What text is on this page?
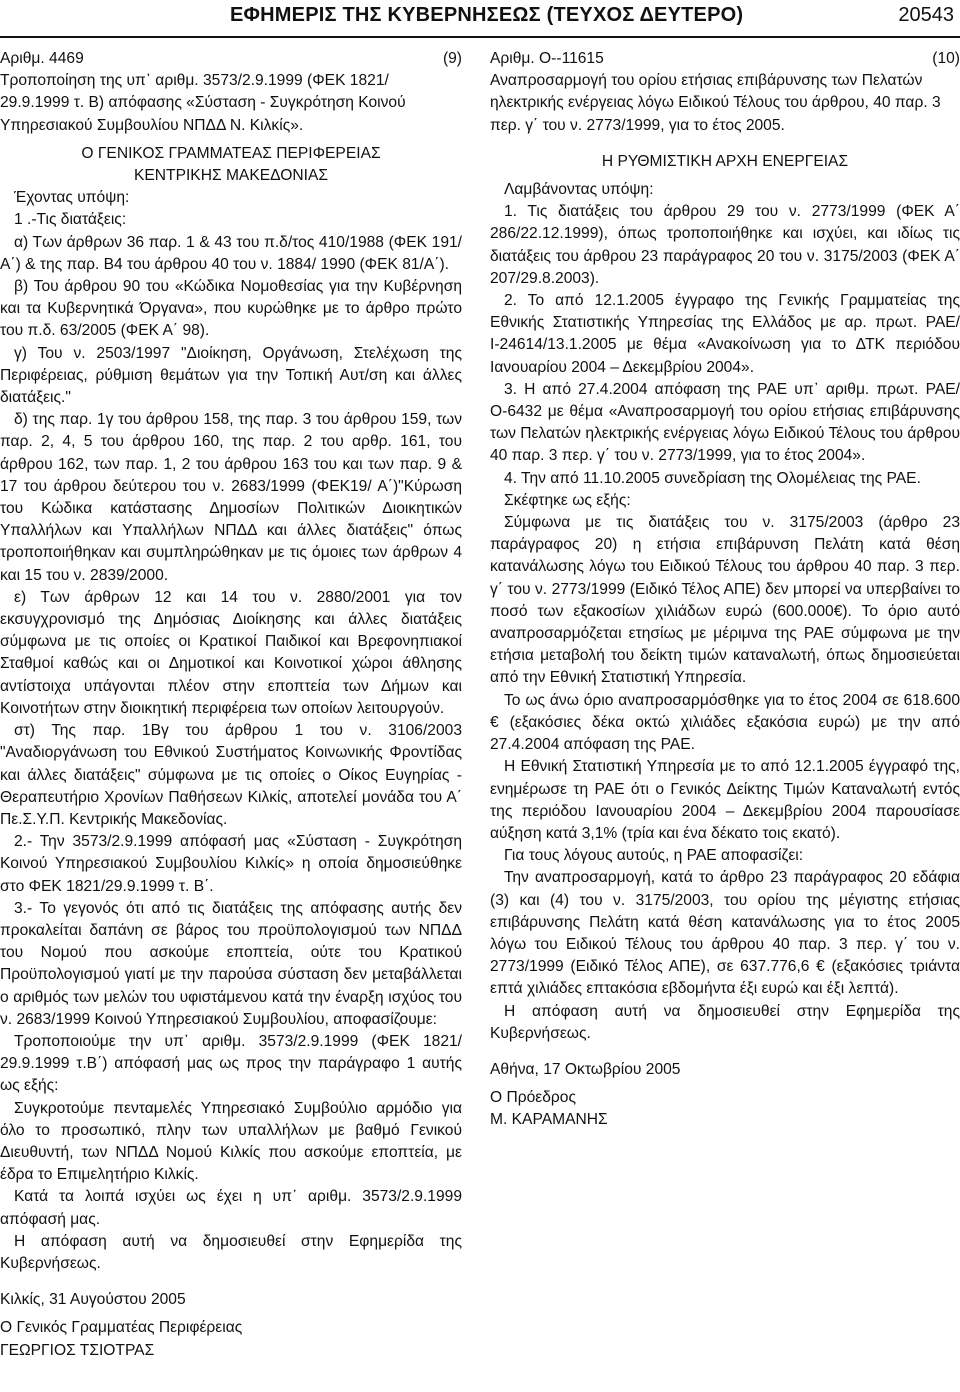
ΕΦΗΜΕΡΙΣ ΤΗΣ ΚΥΒΕΡΝΗΣΕΩΣ (ΤΕΥΧΟΣ ΔΕΥΤΕΡΟ)	20543
Αριθμ. 4469	(9)

Τροποποίηση της υπ᾽ αριθμ. 3573/2.9.1999 (ΦΕΚ 1821/ 29.9.1999 τ. Β) απόφασης «Σύσταση - Συγκρότηση Κοινού Υπηρεσιακού Συμβουλίου ΝΠΔΔ Ν. Κιλκίς».

Ο ΓΕΝΙΚΟΣ ΓΡΑΜΜΑΤΕΑΣ ΠΕΡΙΦΕΡΕΙΑΣ

ΚΕΝΤΡΙΚΗΣ ΜΑΚΕΔΟΝΙΑΣ

Έχοντας υπόψη:

1 .-Τις διατάξεις:

α) Των άρθρων 36 παρ. 1 & 43 του π.δ/τος 410/1988 (ΦΕΚ 191/Α΄) & της παρ. Β4 του άρθρου 40 του ν. 1884/ 1990 (ΦΕΚ 81/Α΄).

β) Του άρθρου 90 του «Κώδικα Νομοθεσίας για την Κυβέρνηση και τα Κυβερνητικά Όργανα», που κυρώθηκε με το άρθρο πρώτο του π.δ. 63/2005 (ΦΕΚ Α΄ 98).

γ) Του ν. 2503/1997 "Διοίκηση, Οργάνωση, Στελέχωση της Περιφέρειας, ρύθμιση θεμάτων για την Τοπική Αυτ/ση και άλλες διατάξεις."

δ) της παρ. 1γ του άρθρου 158, της παρ. 3 του άρθρου 159, των παρ. 2, 4, 5 του άρθρου 160, της παρ. 2 του αρθρ. 161, του άρθρου 162, των παρ. 1, 2 του άρθρου 163 του και των παρ. 9 & 17 του άρθρου δεύτερου του ν. 2683/1999 (ΦΕΚ19/ Α΄)"Κύρωση του Κώδικα κατάστασης Δημοσίων Πολιτικών Διοικητικών Υπαλλήλων και Υπαλλήλων ΝΠΔΔ και άλλες διατάξεις" όπως τροποποιήθηκαν και συμπληρώθηκαν με τις όμοιες των άρθρων 4 και 15 του ν. 2839/2000.

ε) Των άρθρων 12 και 14 του ν. 2880/2001 για τον εκσυγχρονισμό της Δημόσιας Διοίκησης και άλλες διατάξεις σύμφωνα με τις οποίες οι Κρατικοί Παιδικοί και Βρεφονηπιακοί Σταθμοί καθώς και οι Δημοτικοί και Κοινοτικοί χώροι άθλησης αντίστοιχα υπάγονται πλέον στην εποπτεία των Δήμων και Κοινοτήτων στην διοικητική περιφέρεια των οποίων λειτουργούν.

στ) Της παρ. 1Βγ του άρθρου 1 του ν. 3106/2003 "Αναδιοργάνωση του Εθνικού Συστήματος Κοινωνικής Φροντίδας και άλλες διατάξεις" σύμφωνα με τις οποίες ο Οίκος Ευγηρίας - Θεραπευτήριο Χρονίων Παθήσεων Κιλκίς, αποτελεί μονάδα του Α΄ Πε.Σ.Υ.Π. Κεντρικής Μακεδονίας.

2.- Την 3573/2.9.1999 απόφασή μας «Σύσταση - Συγκρότηση Κοινού Υπηρεσιακού Συμβουλίου Κιλκίς» η οποία δημοσιεύθηκε στο ΦΕΚ 1821/29.9.1999 τ. Β΄.

3.- Το γεγονός ότι από τις διατάξεις της απόφασης αυτής δεν προκαλείται δαπάνη σε βάρος του προϋπολογισμού των ΝΠΔΔ του Νομού που ασκούμε εποπτεία, ούτε του Κρατικού Προϋπολογισμού γιατί με την παρούσα σύσταση δεν μεταβάλλεται ο αριθμός των μελών του υφιστάμενου κατά την έναρξη ισχύος του ν. 2683/1999 Κοινού Υπηρεσιακού Συμβουλίου, αποφασίζουμε:

Τροποποιούμε την υπ᾽ αριθμ. 3573/2.9.1999 (ΦΕΚ 1821/ 29.9.1999 τ.Β΄) απόφασή μας ως προς την παράγραφο 1 αυτής ως εξής:

Συγκροτούμε πενταμελές Υπηρεσιακό Συμβούλιο αρμόδιο για όλο το προσωπικό, πλην των υπαλλήλων με βαθμό Γενικού Διευθυντή, των ΝΠΔΔ Νομού Κιλκίς που ασκούμε εποπτεία, με έδρα το Επιμελητήριο Κιλκίς.

Κατά τα λοιπά ισχύει ως έχει η υπ᾽ αριθμ. 3573/2.9.1999 απόφασή μας.

Η απόφαση αυτή να δημοσιευθεί στην Εφημερίδα της Κυβερνήσεως.

Κιλκίς, 31 Αυγούστου 2005

Ο Γενικός Γραμματέας Περιφέρειας

ΓΕΩΡΓΙΟΣ ΤΣΙΟΤΡΑΣ

Αριθμ. Ο--11615	(10)

Αναπροσαρμογή του ορίου ετήσιας επιβάρυνσης των Πελατών ηλεκτρικής ενέργειας λόγω Ειδικού Τέλους του άρθρου, 40 παρ. 3 περ. γ΄ του ν. 2773/1999, για το έτος 2005.

Η ΡΥΘΜΙΣΤΙΚΗ ΑΡΧΗ ΕΝΕΡΓΕΙΑΣ

Λαμβάνοντας υπόψη:

1. Τις διατάξεις του άρθρου 29 του ν. 2773/1999 (ΦΕΚ Α΄ 286/22.12.1999), όπως τροποποιήθηκε και ισχύει, και ιδίως τις διατάξεις του άρθρου 23 παράγραφος 20 του ν. 3175/2003 (ΦΕΚ Α΄ 207/29.8.2003).

2. Το από 12.1.2005 έγγραφο της Γενικής Γραμματείας της Εθνικής Στατιστικής Υπηρεσίας της Ελλάδος με αρ. πρωτ. ΡΑΕ/Ι-24614/13.1.2005 με θέμα «Ανακοίνωση για το ΔΤΚ περιόδου Ιανουαρίου 2004 – Δεκεμβρίου 2004».

3. Η από 27.4.2004 απόφαση της ΡΑΕ υπ᾽ αριθμ. πρωτ. ΡΑΕ/Ο-6432 με θέμα «Αναπροσαρμογή του ορίου ετήσιας επιβάρυνσης των Πελατών ηλεκτρικής ενέργειας λόγω Ειδικού Τέλους του άρθρου 40 παρ. 3 περ. γ΄ του ν. 2773/1999, για το έτος 2004».

4. Την από 11.10.2005 συνεδρίαση της Ολομέλειας της ΡΑΕ.

Σκέφτηκε ως εξής:

Σύμφωνα με τις διατάξεις του ν. 3175/2003 (άρθρο 23 παράγραφος 20) η ετήσια επιβάρυνση Πελάτη κατά θέση κατανάλωσης λόγω του Ειδικού Τέλους του άρθρου 40 παρ. 3 περ. γ΄ του ν. 2773/1999 (Ειδικό Τέλος ΑΠΕ) δεν μπορεί να υπερβαίνει το ποσό των εξακοσίων χιλιάδων ευρώ (600.000€). Το όριο αυτό αναπροσαρμόζεται ετησίως με μέριμνα της ΡΑΕ σύμφωνα με την ετήσια μεταβολή του δείκτη τιμών καταναλωτή, όπως δημοσιεύεται από την Εθνική Στατιστική Υπηρεσία.

Το ως άνω όριο αναπροσαρμόσθηκε για το έτος 2004 σε 618.600 € (εξακόσιες δέκα οκτώ χιλιάδες εξακόσια ευρώ) με την από 27.4.2004 απόφαση της ΡΑΕ.

Η Εθνική Στατιστική Υπηρεσία με το από 12.1.2005 έγγραφό της, ενημέρωσε τη ΡΑΕ ότι ο Γενικός Δείκτης Τιμών Καταναλωτή εντός της περιόδου Ιανουαρίου 2004 – Δεκεμβρίου 2004 παρουσίασε αύξηση κατά 3,1% (τρία και ένα δέκατο τοις εκατό).

Για τους λόγους αυτούς, η ΡΑΕ αποφασίζει:

Την αναπροσαρμογή, κατά το άρθρο 23 παράγραφος 20 εδάφια (3) και (4) του ν. 3175/2003, του ορίου της μέγιστης ετήσιας επιβάρυνσης Πελάτη κατά θέση κατανάλωσης για το έτος 2005 λόγω του Ειδικού Τέλους του άρθρου 40 παρ. 3 περ. γ΄ του ν. 2773/1999 (Ειδικό Τέλος ΑΠΕ), σε 637.776,6 € (εξακόσιες τριάντα επτά χιλιάδες επτακόσια εβδομήντα έξι ευρώ και έξι λεπτά).

Η απόφαση αυτή να δημοσιευθεί στην Εφημερίδα της Κυβερνήσεως.

Αθήνα, 17 Οκτωβρίου 2005

Ο Πρόεδρος

Μ. ΚΑΡΑΜΑΝΗΣ
